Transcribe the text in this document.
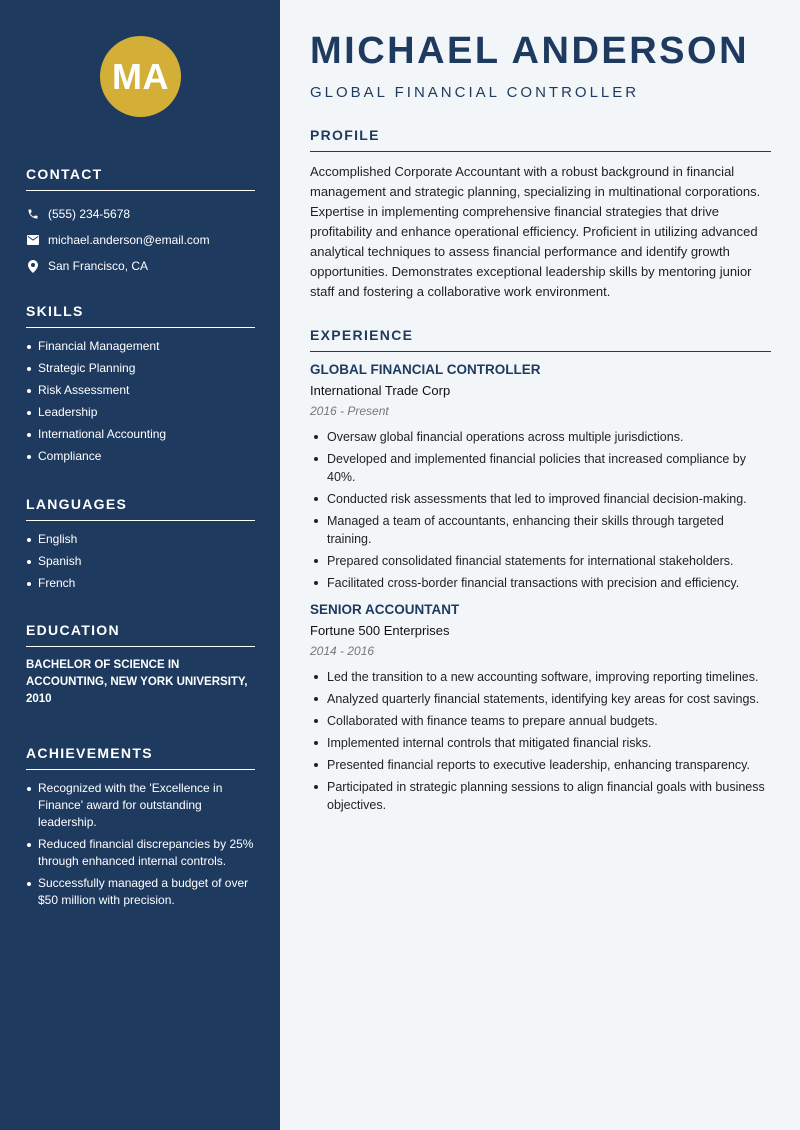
MA
CONTACT
(555) 234-5678
michael.anderson@email.com
San Francisco, CA
SKILLS
Financial Management
Strategic Planning
Risk Assessment
Leadership
International Accounting
Compliance
LANGUAGES
English
Spanish
French
EDUCATION
BACHELOR OF SCIENCE IN ACCOUNTING, NEW YORK UNIVERSITY, 2010
ACHIEVEMENTS
Recognized with the 'Excellence in Finance' award for outstanding leadership.
Reduced financial discrepancies by 25% through enhanced internal controls.
Successfully managed a budget of over $50 million with precision.
MICHAEL ANDERSON
GLOBAL FINANCIAL CONTROLLER
PROFILE

Accomplished Corporate Accountant with a robust background in financial management and strategic planning, specializing in multinational corporations. Expertise in implementing comprehensive financial strategies that drive profitability and enhance operational efficiency. Proficient in utilizing advanced analytical techniques to assess financial performance and identify growth opportunities. Demonstrates exceptional leadership skills by mentoring junior staff and fostering a collaborative work environment.

EXPERIENCE
GLOBAL FINANCIAL CONTROLLER
International Trade Corp
2016 - Present
Oversaw global financial operations across multiple jurisdictions.
Developed and implemented financial policies that increased compliance by 40%.
Conducted risk assessments that led to improved financial decision-making.
Managed a team of accountants, enhancing their skills through targeted training.
Prepared consolidated financial statements for international stakeholders.
Facilitated cross-border financial transactions with precision and efficiency.
SENIOR ACCOUNTANT
Fortune 500 Enterprises
2014 - 2016
Led the transition to a new accounting software, improving reporting timelines.
Analyzed quarterly financial statements, identifying key areas for cost savings.
Collaborated with finance teams to prepare annual budgets.
Implemented internal controls that mitigated financial risks.
Presented financial reports to executive leadership, enhancing transparency.
Participated in strategic planning sessions to align financial goals with business objectives.
